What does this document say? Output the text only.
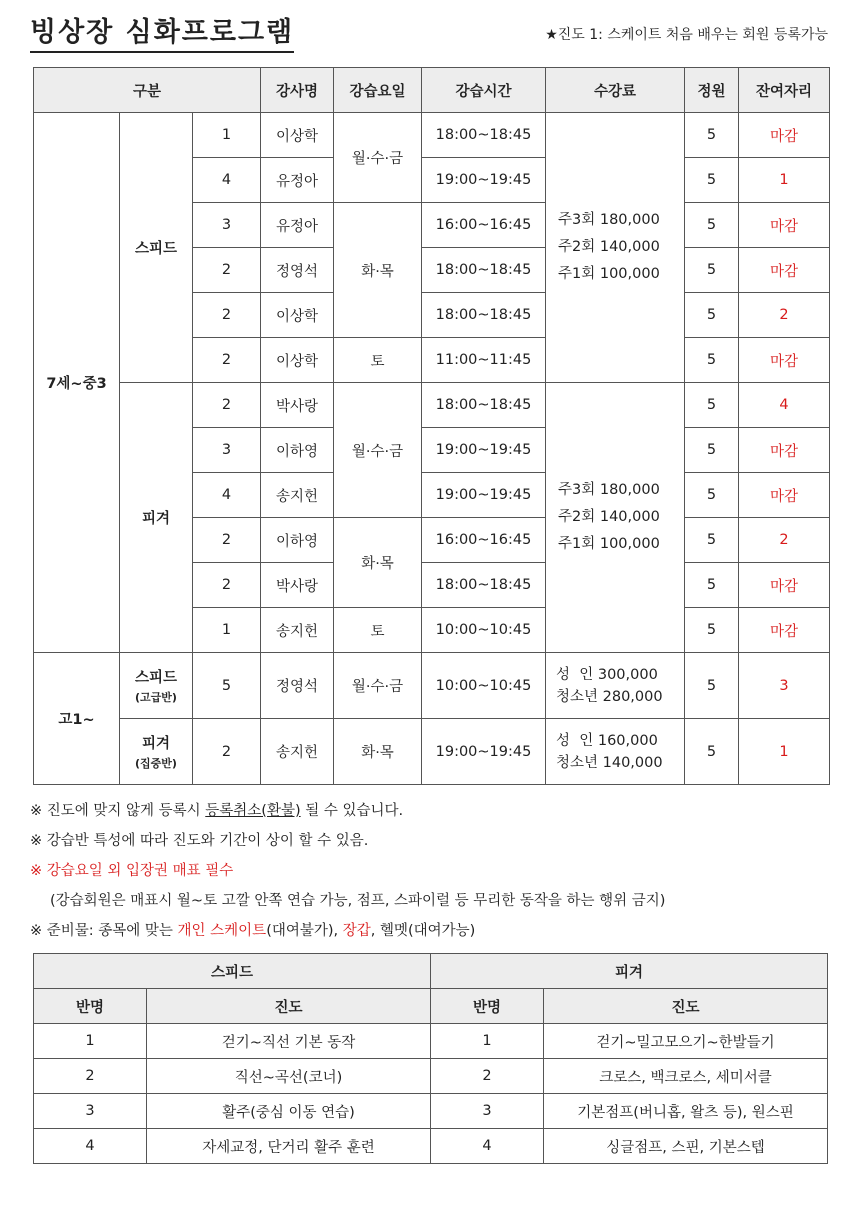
빙상장 심화프로그램	★진도 1: 스케이트 처음 배우는 회원 등록가능
구분			강사명	강습요일	강습시간	수강료	정원	잔여자리
7세~중3	스피드	1	이상학	월·수·금	18:00~18:45	주3회 180,000
주2회 140,000
주1회 100,000	5	마감
		4	유정아		19:00~19:45		5	1
		3	유정아	화·목	16:00~16:45		5	마감
		2	정영석		18:00~18:45		5	마감
		2	이상학		18:00~18:45		5	2
		2	이상학	토	11:00~11:45		5	마감
	피겨	2	박사랑	월·수·금	18:00~18:45	주3회 180,000
주2회 140,000
주1회 100,000	5	4
		3	이하영		19:00~19:45		5	마감
		4	송지헌		19:00~19:45		5	마감
		2	이하영	화·목	16:00~16:45		5	2
		2	박사랑		18:00~18:45		5	마감
		1	송지헌	토	10:00~10:45		5	마감
고1~	스피드
(고급반)	5	정영석	월·수·금	10:00~10:45	성  인 300,000
청소년 280,000	5	3
	피겨
(집중반)	2	송지헌	화·목	19:00~19:45	성  인 160,000
청소년 140,000	5	1
※ 진도에 맞지 않게 등록시 등록취소(환불) 될 수 있습니다.
※ 강습반 특성에 따라 진도와 기간이 상이 할 수 있음.
※ 강습요일 외 입장권 매표 필수
(강습회원은 매표시 월~토 고깔 안쪽 연습 가능, 점프, 스파이럴 등 무리한 동작을 하는 행위 금지)
※ 준비물: 종목에 맞는 개인 스케이트(대여불가), 장갑, 헬멧(대여가능)
스피드		피겨	
반명	진도	반명	진도
1	걷기~직선 기본 동작	1	걷기~밀고모으기~한발들기
2	직선~곡선(코너)	2	크로스, 백크로스, 세미서클
3	활주(중심 이동 연습)	3	기본점프(버니홉, 왈츠 등), 원스핀
4	자세교정, 단거리 활주 훈련	4	싱글점프, 스핀, 기본스텝
